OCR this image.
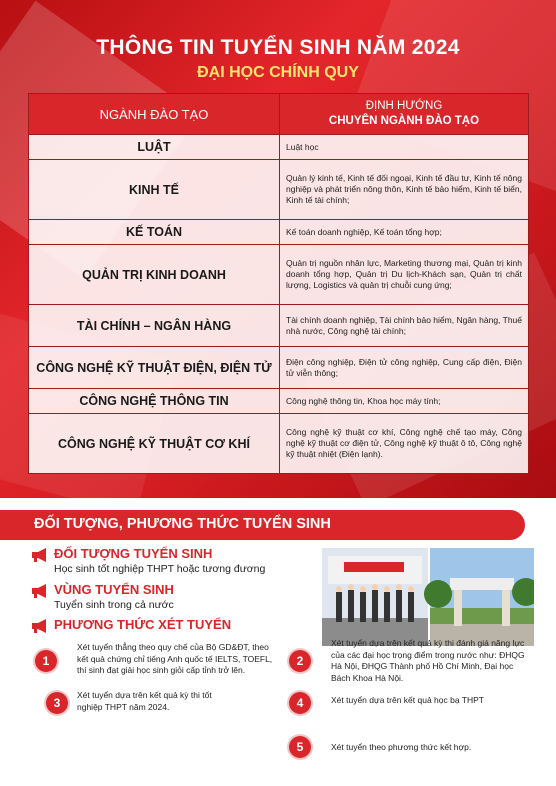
THÔNG TIN TUYỂN SINH NĂM 2024
ĐẠI HỌC CHÍNH QUY
NGÀNH ĐÀO TẠO	ĐỊNH HƯỚNG
CHUYÊN NGÀNH ĐÀO TẠO

LUẬT	Luật học
KINH TẾ	Quản lý kinh tế, Kinh tế đối ngoại, Kinh tế đầu tư, Kinh tế nông nghiệp và phát triển nông thôn, Kinh tế bảo hiểm, Kinh tế biển, Kinh tế tài chính;
KẾ TOÁN	Kế toán doanh nghiệp, Kế toán tổng hợp;
QUẢN TRỊ KINH DOANH	Quản trị nguồn nhân lực, Marketing thương mại, Quản trị kinh doanh tổng hợp, Quản trị Du lịch-Khách sạn, Quản trị chất lượng, Logistics và quản trị chuỗi cung ứng;
TÀI CHÍNH – NGÂN HÀNG	Tài chính doanh nghiệp, Tài chính bảo hiểm, Ngân hàng, Thuế nhà nước, Công nghệ tài chính;
CÔNG NGHỆ KỸ THUẬT ĐIỆN, ĐIỆN TỬ	Điện công nghiệp, Điện tử công nghiệp, Cung cấp điện, Điện tử viễn thông;
CÔNG NGHỆ THÔNG TIN	Công nghệ thông tin, Khoa học máy tính;
CÔNG NGHỆ KỸ THUẬT CƠ KHÍ	Công nghệ kỹ thuật cơ khí, Công nghệ chế tạo máy, Công nghệ kỹ thuật cơ điện tử, Công nghệ kỹ thuật ô tô, Công nghệ kỹ thuật nhiệt (Điện lạnh).
ĐỐI TƯỢNG, PHƯƠNG THỨC TUYỂN SINH
ĐỐI TƯỢNG TUYỂN SINH
Học sinh tốt nghiệp THPT hoặc tương đương
VÙNG TUYỂN SINH
Tuyển sinh trong cả nước
PHƯƠNG THỨC XÉT TUYỂN
1
Xét tuyển thẳng theo quy chế của Bộ GD&ĐT, theo kết quả chứng chỉ tiếng Anh quốc tế IELTS, TOEFL, thí sinh đạt giải học sinh giỏi cấp tỉnh trở lên.
2
Xét tuyển dựa trên kết quả kỳ thi đánh giá năng lực của các đại học trọng điểm trong nước như: ĐHQG Hà Nội, ĐHQG Thành phố Hồ Chí Minh, Đại học Bách Khoa Hà Nội.
3
Xét tuyển dựa trên kết quả kỳ thi tốt nghiệp THPT năm 2024.	4	Xét tuyển dựa trên kết quả học bạ THPT
5	Xét tuyển theo phương thức kết hợp.
